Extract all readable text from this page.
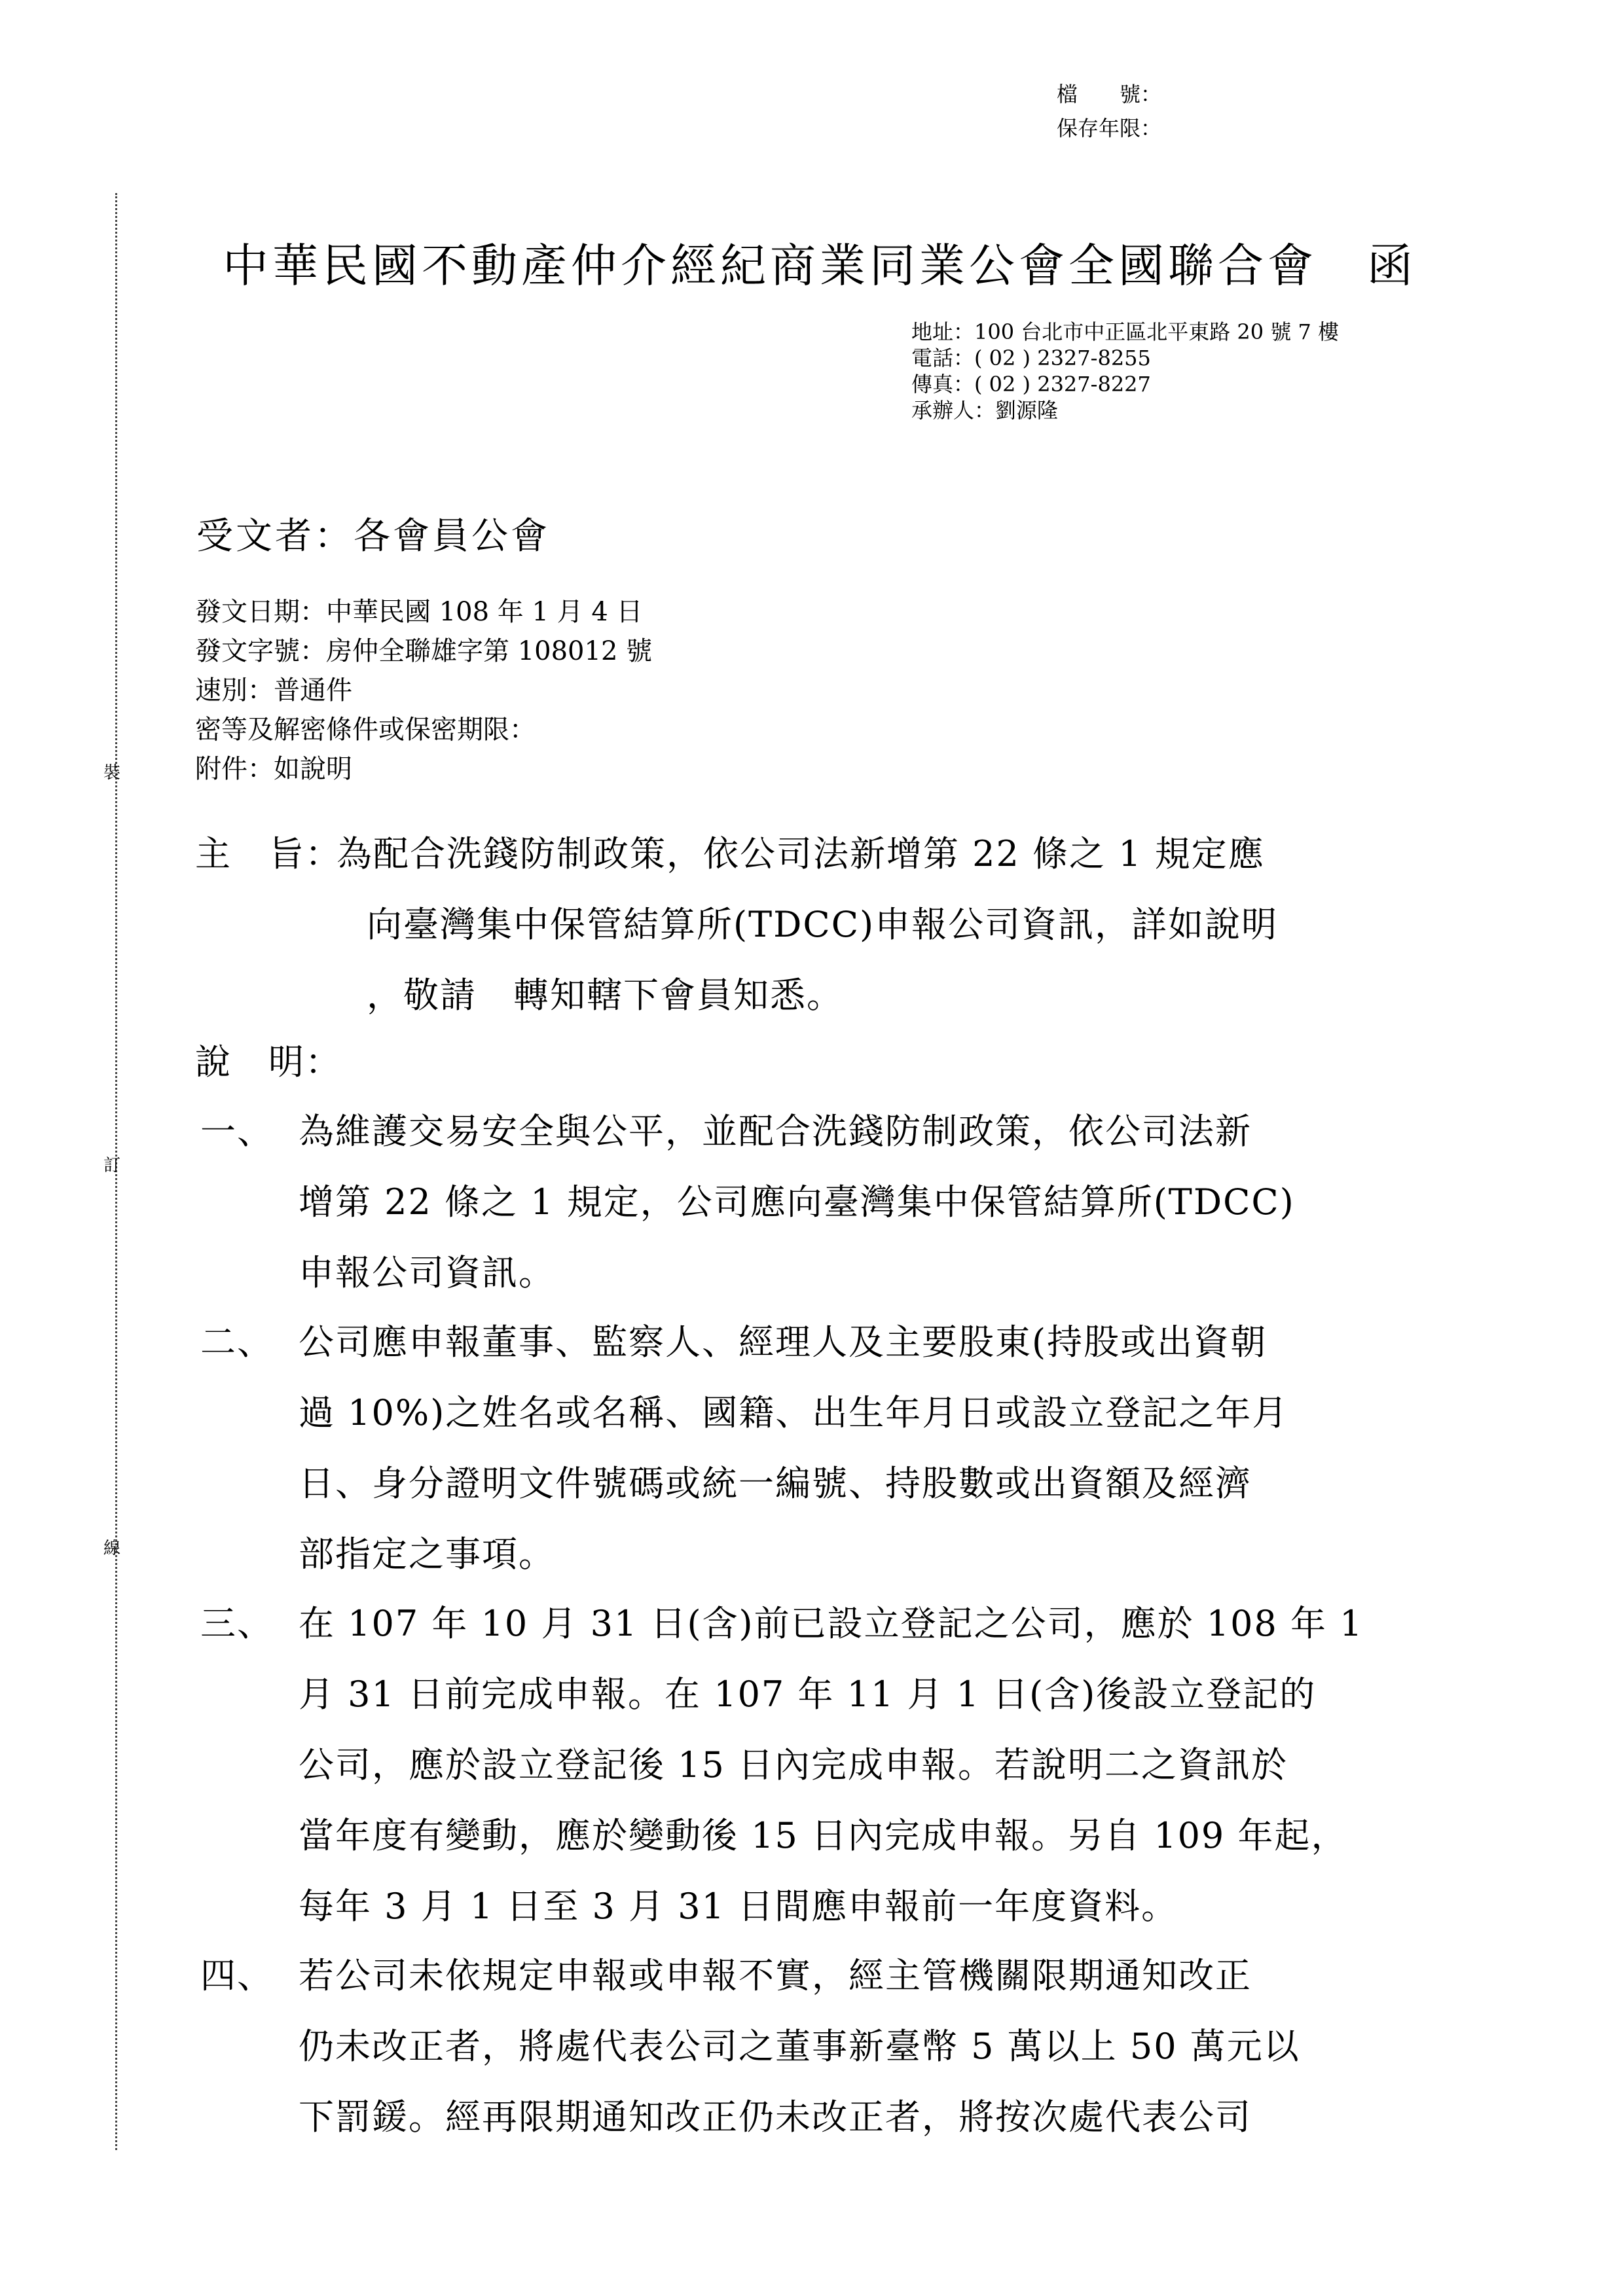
裝
訂
線
檔　　號：
保存年限：
中華民國不動產仲介經紀商業同業公會全國聯合會　函
地址：100 台北市中正區北平東路 20 號 7 樓
電話：( 02 ) 2327-8255
傳真：( 02 ) 2327-8227
承辦人：劉源隆
受文者：各會員公會
發文日期：中華民國 108 年 1 月 4 日
發文字號：房仲全聯雄字第 108012 號
速別：普通件
密等及解密條件或保密期限：
附件：如說明
主　旨：
為配合洗錢防制政策，依公司法新增第 22 條之 1 規定應
向臺灣集中保管結算所(TDCC)申報公司資訊，詳如說明
，敬請　轉知轄下會員知悉。
說　明：
一、 為維護交易安全與公平，並配合洗錢防制政策，依公司法新
增第 22 條之 1 規定，公司應向臺灣集中保管結算所(TDCC)
申報公司資訊。
二、 公司應申報董事、監察人、經理人及主要股東(持股或出資朝
過 10%)之姓名或名稱、國籍、出生年月日或設立登記之年月
日、身分證明文件號碼或統一編號、持股數或出資額及經濟
部指定之事項。
三、 在 107 年 10 月 31 日(含)前已設立登記之公司，應於 108 年 1
月 31 日前完成申報。在 107 年 11 月 1 日(含)後設立登記的
公司，應於設立登記後 15 日內完成申報。若說明二之資訊於
當年度有變動，應於變動後 15 日內完成申報。另自 109 年起，
每年 3 月 1 日至 3 月 31 日間應申報前一年度資料。
四、 若公司未依規定申報或申報不實，經主管機關限期通知改正
仍未改正者，將處代表公司之董事新臺幣 5 萬以上 50 萬元以
下罰鍰。經再限期通知改正仍未改正者，將按次處代表公司
